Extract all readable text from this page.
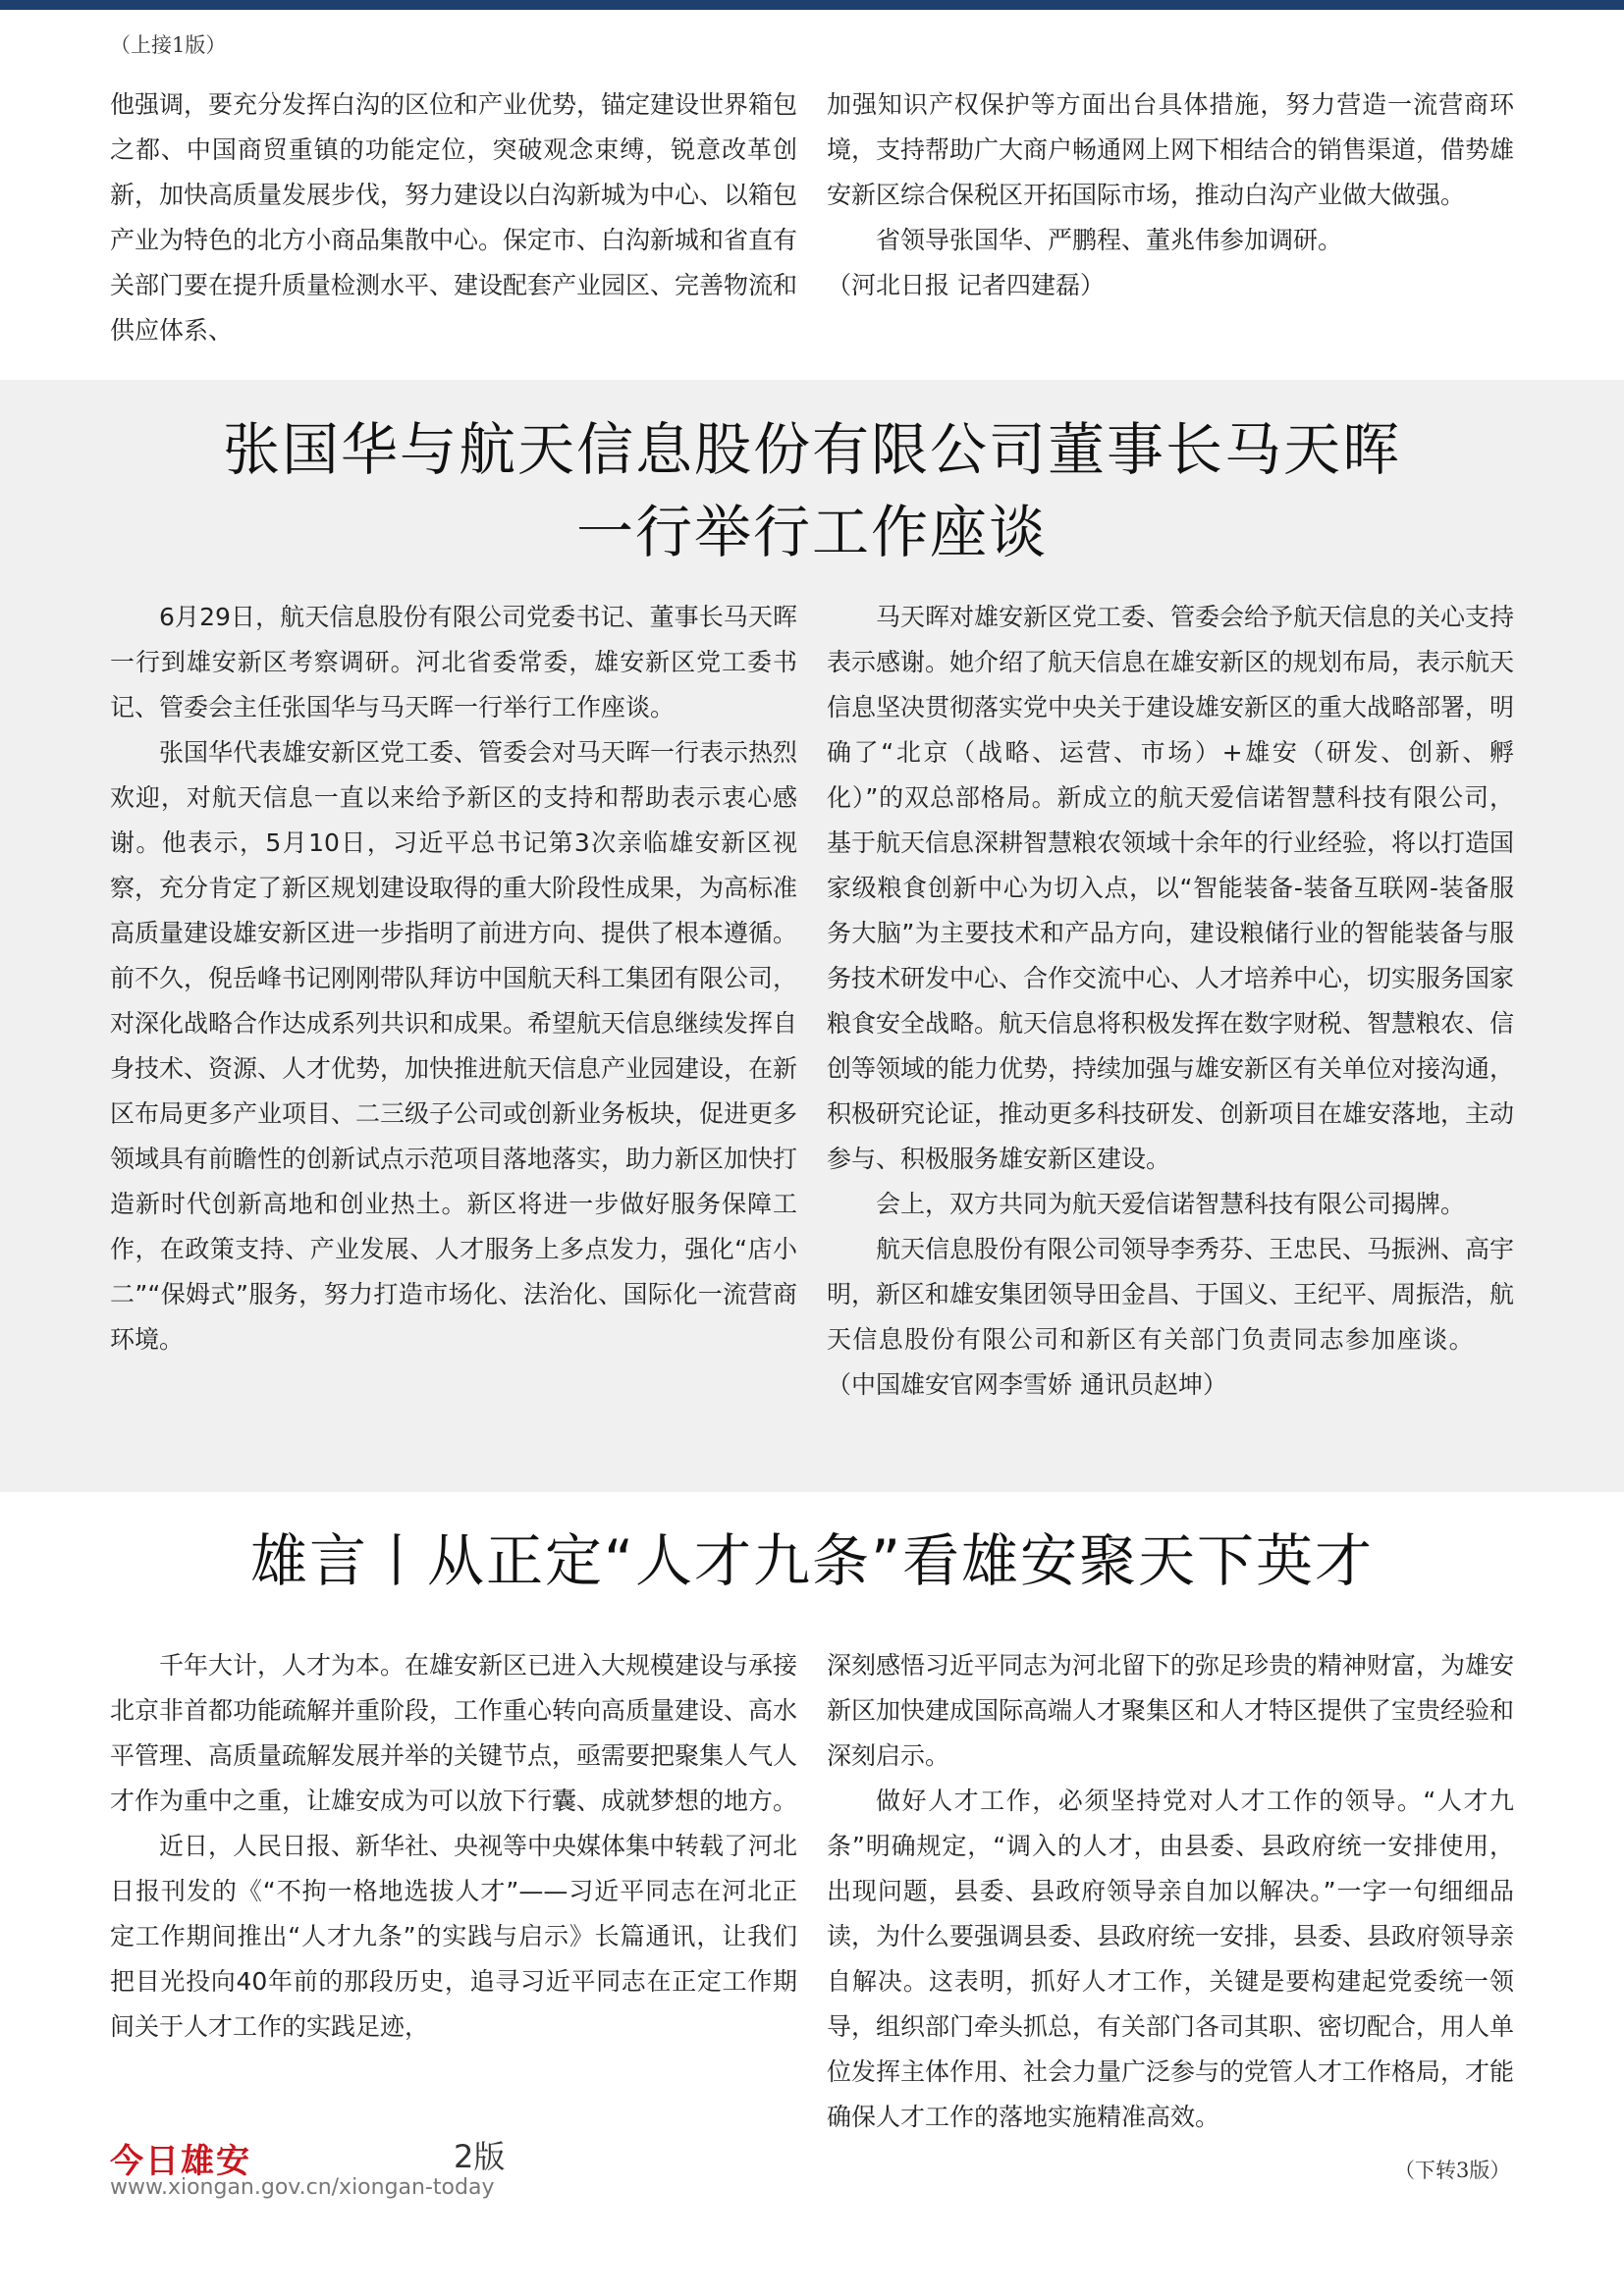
（上接1版）

他强调，要充分发挥白沟的区位和产业优势，锚定建设世界箱包之都、中国商贸重镇的功能定位，突破观念束缚，锐意改革创新，加快高质量发展步伐，努力建设以白沟新城为中心、以箱包产业为特色的北方小商品集散中心。保定市、白沟新城和省直有关部门要在提升质量检测水平、建设配套产业园区、完善物流和供应体系、

加强知识产权保护等方面出台具体措施，努力营造一流营商环境，支持帮助广大商户畅通网上网下相结合的销售渠道，借势雄安新区综合保税区开拓国际市场，推动白沟产业做大做强。

省领导张国华、严鹏程、董兆伟参加调研。

（河北日报 记者四建磊）

张国华与航天信息股份有限公司董事长马天晖
一行举行工作座谈

6月29日，航天信息股份有限公司党委书记、董事长马天晖一行到雄安新区考察调研。河北省委常委，雄安新区党工委书记、管委会主任张国华与马天晖一行举行工作座谈。

张国华代表雄安新区党工委、管委会对马天晖一行表示热烈欢迎，对航天信息一直以来给予新区的支持和帮助表示衷心感谢。他表示，5月10日，习近平总书记第3次亲临雄安新区视察，充分肯定了新区规划建设取得的重大阶段性成果，为高标准高质量建设雄安新区进一步指明了前进方向、提供了根本遵循。前不久，倪岳峰书记刚刚带队拜访中国航天科工集团有限公司，对深化战略合作达成系列共识和成果。希望航天信息继续发挥自身技术、资源、人才优势，加快推进航天信息产业园建设，在新区布局更多产业项目、二三级子公司或创新业务板块，促进更多领域具有前瞻性的创新试点示范项目落地落实，助力新区加快打造新时代创新高地和创业热土。新区将进一步做好服务保障工作，在政策支持、产业发展、人才服务上多点发力，强化“店小二”“保姆式”服务，努力打造市场化、法治化、国际化一流营商环境。

马天晖对雄安新区党工委、管委会给予航天信息的关心支持表示感谢。她介绍了航天信息在雄安新区的规划布局，表示航天信息坚决贯彻落实党中央关于建设雄安新区的重大战略部署，明确了“北京（战略、运营、市场）+雄安（研发、创新、孵化）”的双总部格局。新成立的航天爱信诺智慧科技有限公司，基于航天信息深耕智慧粮农领域十余年的行业经验，将以打造国家级粮食创新中心为切入点，以“智能装备-装备互联网-装备服务大脑”为主要技术和产品方向，建设粮储行业的智能装备与服务技术研发中心、合作交流中心、人才培养中心，切实服务国家粮食安全战略。航天信息将积极发挥在数字财税、智慧粮农、信创等领域的能力优势，持续加强与雄安新区有关单位对接沟通，积极研究论证，推动更多科技研发、创新项目在雄安落地，主动参与、积极服务雄安新区建设。

会上，双方共同为航天爱信诺智慧科技有限公司揭牌。

航天信息股份有限公司领导李秀芬、王忠民、马振洲、高宇明，新区和雄安集团领导田金昌、于国义、王纪平、周振浩，航天信息股份有限公司和新区有关部门负责同志参加座谈。（中国雄安官网李雪娇 通讯员赵坤）

雄言丨从正定“人才九条”看雄安聚天下英才

千年大计，人才为本。在雄安新区已进入大规模建设与承接北京非首都功能疏解并重阶段，工作重心转向高质量建设、高水平管理、高质量疏解发展并举的关键节点，亟需要把聚集人气人才作为重中之重，让雄安成为可以放下行囊、成就梦想的地方。

近日，人民日报、新华社、央视等中央媒体集中转载了河北日报刊发的《“不拘一格地选拔人才”——习近平同志在河北正定工作期间推出“人才九条”的实践与启示》长篇通讯，让我们把目光投向40年前的那段历史，追寻习近平同志在正定工作期间关于人才工作的实践足迹，

深刻感悟习近平同志为河北留下的弥足珍贵的精神财富，为雄安新区加快建成国际高端人才聚集区和人才特区提供了宝贵经验和深刻启示。

做好人才工作，必须坚持党对人才工作的领导。“人才九条”明确规定，“调入的人才，由县委、县政府统一安排使用，出现问题，县委、县政府领导亲自加以解决。”一字一句细细品读，为什么要强调县委、县政府统一安排，县委、县政府领导亲自解决。这表明，抓好人才工作，关键是要构建起党委统一领导，组织部门牵头抓总，有关部门各司其职、密切配合，用人单位发挥主体作用、社会力量广泛参与的党管人才工作格局，才能确保人才工作的落地实施精准高效。

今日雄安	2版
www.xiongan.gov.cn/xiongan-today
（下转3版）
